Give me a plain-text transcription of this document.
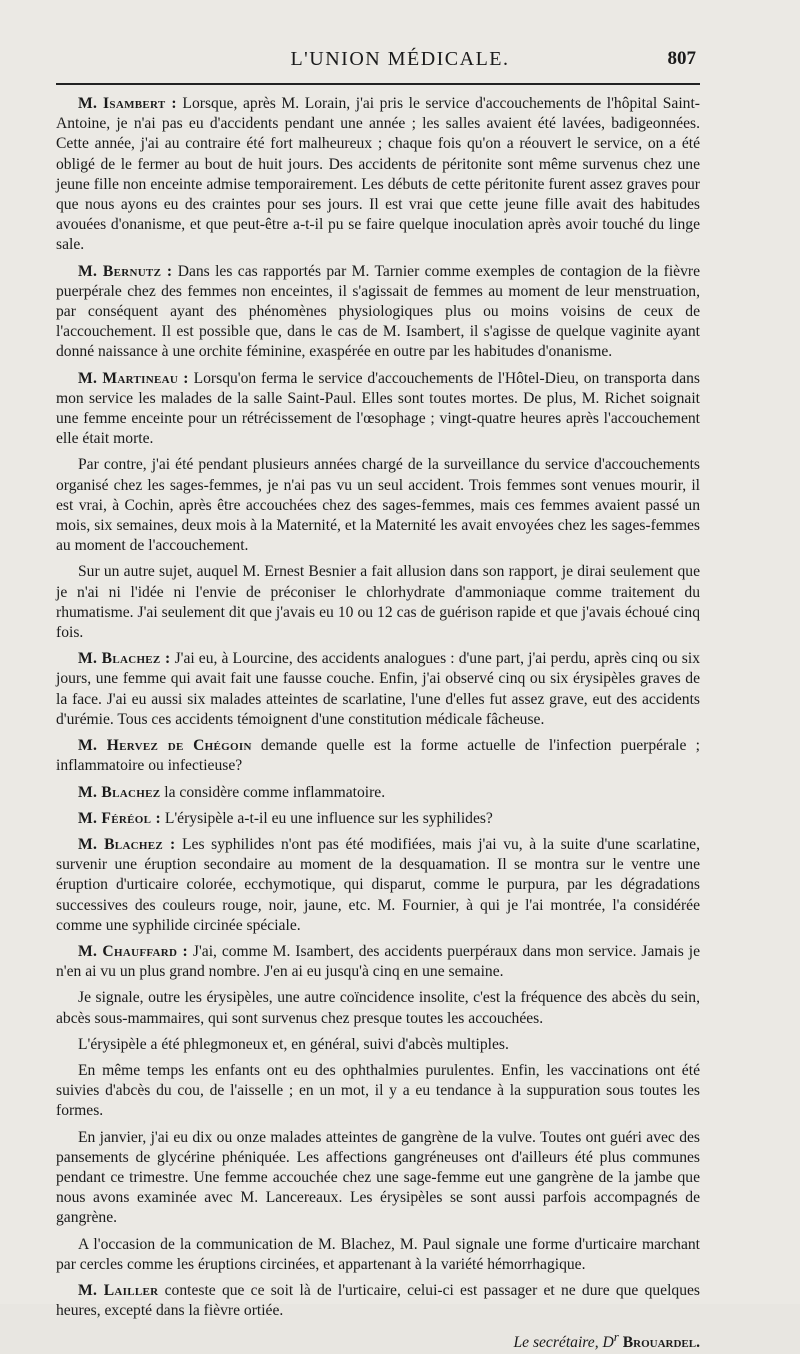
L'UNION MÉDICALE.	807

M. Isambert : Lorsque, après M. Lorain, j'ai pris le service d'accouchements de l'hôpital Saint-Antoine, je n'ai pas eu d'accidents pendant une année ; les salles avaient été lavées, badigeonnées. Cette année, j'ai au contraire été fort malheureux ; chaque fois qu'on a réouvert le service, on a été obligé de le fermer au bout de huit jours. Des accidents de péritonite sont même survenus chez une jeune fille non enceinte admise temporairement. Les débuts de cette péritonite furent assez graves pour que nous ayons eu des craintes pour ses jours. Il est vrai que cette jeune fille avait des habitudes avouées d'onanisme, et que peut-être a-t-il pu se faire quelque inoculation après avoir touché du linge sale.

M. Bernutz : Dans les cas rapportés par M. Tarnier comme exemples de contagion de la fièvre puerpérale chez des femmes non enceintes, il s'agissait de femmes au moment de leur menstruation, par conséquent ayant des phénomènes physiologiques plus ou moins voisins de ceux de l'accouchement. Il est possible que, dans le cas de M. Isambert, il s'agisse de quelque vaginite ayant donné naissance à une orchite féminine, exaspérée en outre par les habitudes d'onanisme.

M. Martineau : Lorsqu'on ferma le service d'accouchements de l'Hôtel-Dieu, on transporta dans mon service les malades de la salle Saint-Paul. Elles sont toutes mortes. De plus, M. Richet soignait une femme enceinte pour un rétrécissement de l'œsophage ; vingt-quatre heures après l'accouchement elle était morte.

Par contre, j'ai été pendant plusieurs années chargé de la surveillance du service d'accouchements organisé chez les sages-femmes, je n'ai pas vu un seul accident. Trois femmes sont venues mourir, il est vrai, à Cochin, après être accouchées chez des sages-femmes, mais ces femmes avaient passé un mois, six semaines, deux mois à la Maternité, et la Maternité les avait envoyées chez les sages-femmes au moment de l'accouchement.

Sur un autre sujet, auquel M. Ernest Besnier a fait allusion dans son rapport, je dirai seulement que je n'ai ni l'idée ni l'envie de préconiser le chlorhydrate d'ammoniaque comme traitement du rhumatisme. J'ai seulement dit que j'avais eu 10 ou 12 cas de guérison rapide et que j'avais échoué cinq fois.

M. Blachez : J'ai eu, à Lourcine, des accidents analogues : d'une part, j'ai perdu, après cinq ou six jours, une femme qui avait fait une fausse couche. Enfin, j'ai observé cinq ou six érysipèles graves de la face. J'ai eu aussi six malades atteintes de scarlatine, l'une d'elles fut assez grave, eut des accidents d'urémie. Tous ces accidents témoignent d'une constitution médicale fâcheuse.

M. Hervez de Chégoin demande quelle est la forme actuelle de l'infection puerpérale ; inflammatoire ou infectieuse?

M. Blachez la considère comme inflammatoire.

M. Féréol : L'érysipèle a-t-il eu une influence sur les syphilides?

M. Blachez : Les syphilides n'ont pas été modifiées, mais j'ai vu, à la suite d'une scarlatine, survenir une éruption secondaire au moment de la desquamation. Il se montra sur le ventre une éruption d'urticaire colorée, ecchymotique, qui disparut, comme le purpura, par les dégradations successives des couleurs rouge, noir, jaune, etc. M. Fournier, à qui je l'ai montrée, l'a considérée comme une syphilide circinée spéciale.

M. Chauffard : J'ai, comme M. Isambert, des accidents puerpéraux dans mon service. Jamais je n'en ai vu un plus grand nombre. J'en ai eu jusqu'à cinq en une semaine.

Je signale, outre les érysipèles, une autre coïncidence insolite, c'est la fréquence des abcès du sein, abcès sous-mammaires, qui sont survenus chez presque toutes les accouchées.

L'érysipèle a été phlegmoneux et, en général, suivi d'abcès multiples.

En même temps les enfants ont eu des ophthalmies purulentes. Enfin, les vaccinations ont été suivies d'abcès du cou, de l'aisselle ; en un mot, il y a eu tendance à la suppuration sous toutes les formes.

En janvier, j'ai eu dix ou onze malades atteintes de gangrène de la vulve. Toutes ont guéri avec des pansements de glycérine phéniquée. Les affections gangréneuses ont d'ailleurs été plus communes pendant ce trimestre. Une femme accouchée chez une sage-femme eut une gangrène de la jambe que nous avons examinée avec M. Lancereaux. Les érysipèles se sont aussi parfois accompagnés de gangrène.

A l'occasion de la communication de M. Blachez, M. Paul signale une forme d'urticaire marchant par cercles comme les éruptions circinées, et appartenant à la variété hémorrhagique.

M. Lailler conteste que ce soit là de l'urticaire, celui-ci est passager et ne dure que quelques heures, excepté dans la fièvre ortiée.

Le secrétaire, $D^r$ Brouardel.
